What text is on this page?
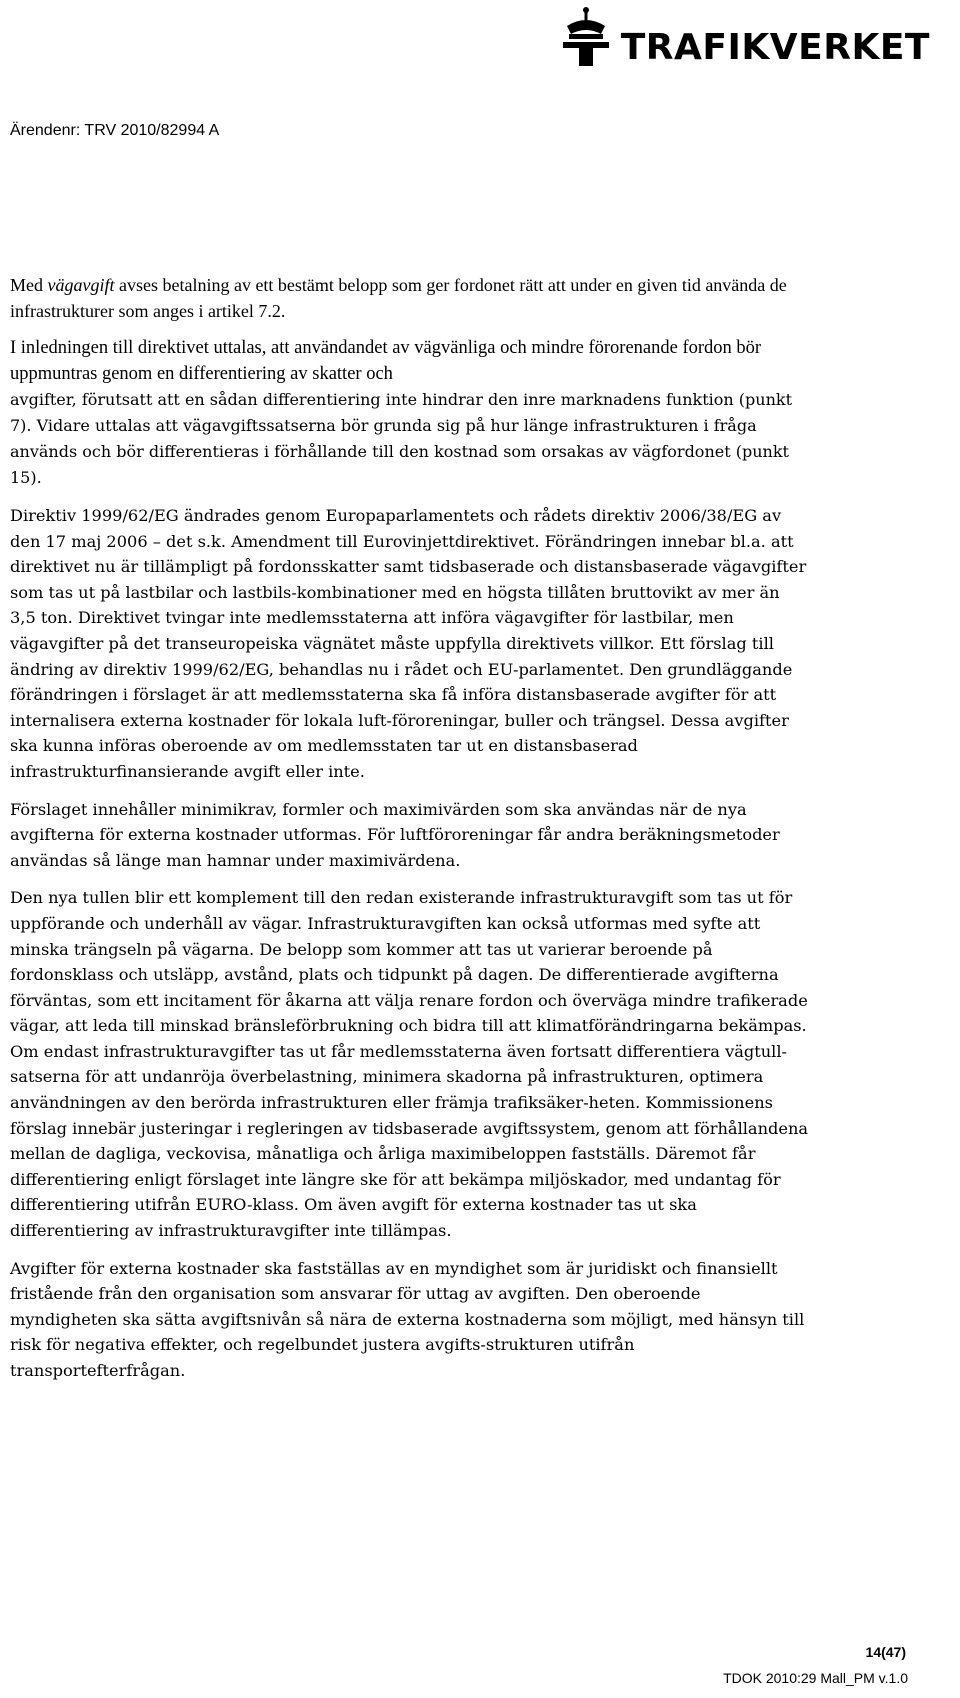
TRAFIKVERKET
Ärendenr: TRV 2010/82994 A

Med vägavgift avses betalning av ett bestämt belopp som ger fordonet rätt att under en given tid använda de infrastrukturer som anges i artikel 7.2.

I inledningen till direktivet uttalas, att användandet av vägvänliga och mindre förorenande fordon bör uppmuntras genom en differentiering av skatter och

avgifter, förutsatt att en sådan differentiering inte hindrar den inre marknadens funktion (punkt 7). Vidare uttalas att vägavgiftssatserna bör grunda sig på hur länge infrastrukturen i fråga används och bör differentieras i förhållande till den kostnad som orsakas av vägfordonet (punkt 15).

Direktiv 1999/62/EG ändrades genom Europaparlamentets och rådets direktiv 2006/38/EG av den 17 maj 2006 – det s.k. Amendment till Eurovinjettdirektivet. Förändringen innebar bl.a. att direktivet nu är tillämpligt på fordonsskatter samt tidsbaserade och distansbaserade vägavgifter som tas ut på lastbilar och lastbils-kombinationer med en högsta tillåten bruttovikt av mer än 3,5 ton. Direktivet tvingar inte medlemsstaterna att införa vägavgifter för lastbilar, men vägavgifter på det transeuropeiska vägnätet måste uppfylla direktivets villkor. Ett förslag till ändring av direktiv 1999/62/EG, behandlas nu i rådet och EU-parlamentet. Den grundläggande förändringen i förslaget är att medlemsstaterna ska få införa distansbaserade avgifter för att internalisera externa kostnader för lokala luft-föroreningar, buller och trängsel. Dessa avgifter ska kunna införas oberoende av om medlemsstaten tar ut en distansbaserad infrastrukturfinansierande avgift eller inte.

Förslaget innehåller minimikrav, formler och maximivärden som ska användas när de nya avgifterna för externa kostnader utformas. För luftföroreningar får andra beräkningsmetoder användas så länge man hamnar under maximivärdena.

Den nya tullen blir ett komplement till den redan existerande infrastrukturavgift som tas ut för uppförande och underhåll av vägar. Infrastrukturavgiften kan också utformas med syfte att minska trängseln på vägarna. De belopp som kommer att tas ut varierar beroende på fordonsklass och utsläpp, avstånd, plats och tidpunkt på dagen. De differentierade avgifterna förväntas, som ett incitament för åkarna att välja renare fordon och överväga mindre trafikerade vägar, att leda till minskad bränsleförbrukning och bidra till att klimatförändringarna bekämpas. Om endast infrastrukturavgifter tas ut får medlemsstaterna även fortsatt differentiera vägtull-satserna för att undanröja överbelastning, minimera skadorna på infrastrukturen, optimera användningen av den berörda infrastrukturen eller främja trafiksäker-heten. Kommissionens förslag innebär justeringar i regleringen av tidsbaserade avgiftssystem, genom att förhållandena mellan de dagliga, veckovisa, månatliga och årliga maximibeloppen fastställs. Däremot får differentiering enligt förslaget inte längre ske för att bekämpa miljöskador, med undantag för differentiering utifrån EURO-klass. Om även avgift för externa kostnader tas ut ska differentiering av infrastrukturavgifter inte tillämpas.

Avgifter för externa kostnader ska fastställas av en myndighet som är juridiskt och finansiellt fristående från den organisation som ansvarar för uttag av avgiften. Den oberoende myndigheten ska sätta avgiftsnivån så nära de externa kostnaderna som möjligt, med hänsyn till risk för negativa effekter, och regelbundet justera avgifts-strukturen utifrån transportefterfrågan.

14(47)
TDOK 2010:29 Mall_PM v.1.0
